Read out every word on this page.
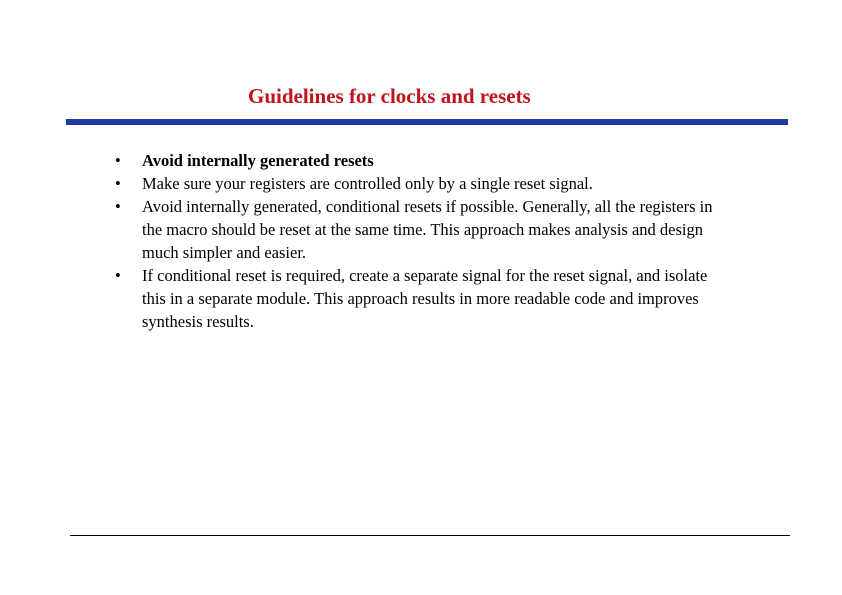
Guidelines for clocks and resets
• Avoid internally generated resets
• Make sure your registers are controlled only by a single reset signal.
• Avoid internally generated, conditional resets if possible. Generally, all the registers in the macro should be reset at the same time. This approach makes analysis and design much simpler and easier.
• If conditional reset is required, create a separate signal for the reset signal, and isolate this in a separate module. This approach results in more readable code and improves synthesis results.
